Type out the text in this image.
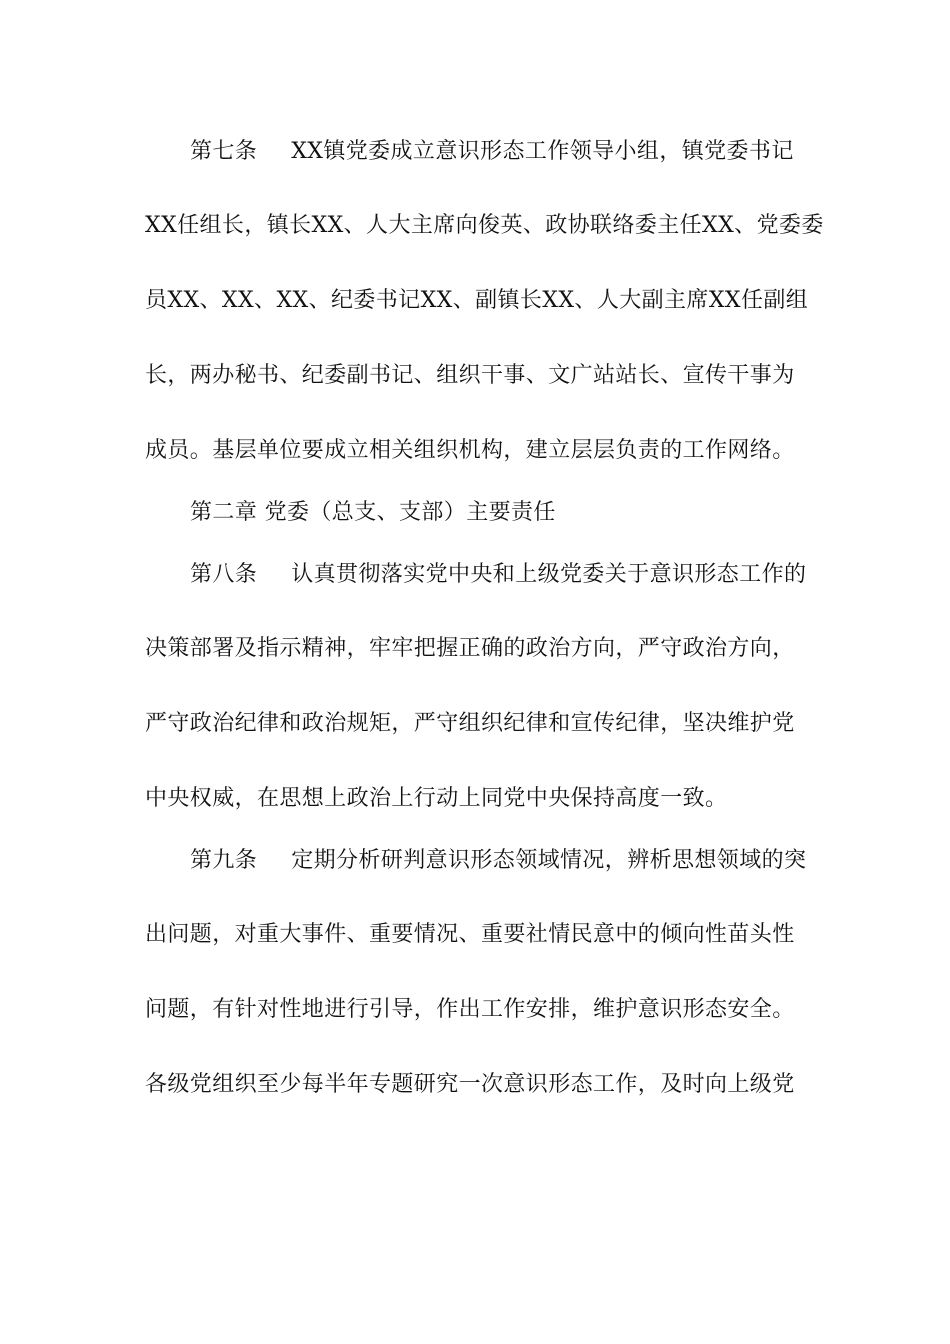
第七条 XX镇党委成立意识形态工作领导小组，镇党委书记
XX任组长，镇长XX、人大主席向俊英、政协联络委主任XX、党委委
员XX、XX、XX、纪委书记XX、副镇长XX、人大副主席XX任副组
长，两办秘书、纪委副书记、组织干事、文广站站长、宣传干事为
成员。基层单位要成立相关组织机构，建立层层负责的工作网络。
第二章 党委（总支、支部）主要责任
第八条 认真贯彻落实党中央和上级党委关于意识形态工作的
决策部署及指示精神，牢牢把握正确的政治方向，严守政治方向，
严守政治纪律和政治规矩，严守组织纪律和宣传纪律，坚决维护党
中央权威，在思想上政治上行动上同党中央保持高度一致。
第九条 定期分析研判意识形态领域情况，辨析思想领域的突
出问题，对重大事件、重要情况、重要社情民意中的倾向性苗头性
问题，有针对性地进行引导，作出工作安排，维护意识形态安全。
各级党组织至少每半年专题研究一次意识形态工作，及时向上级党
